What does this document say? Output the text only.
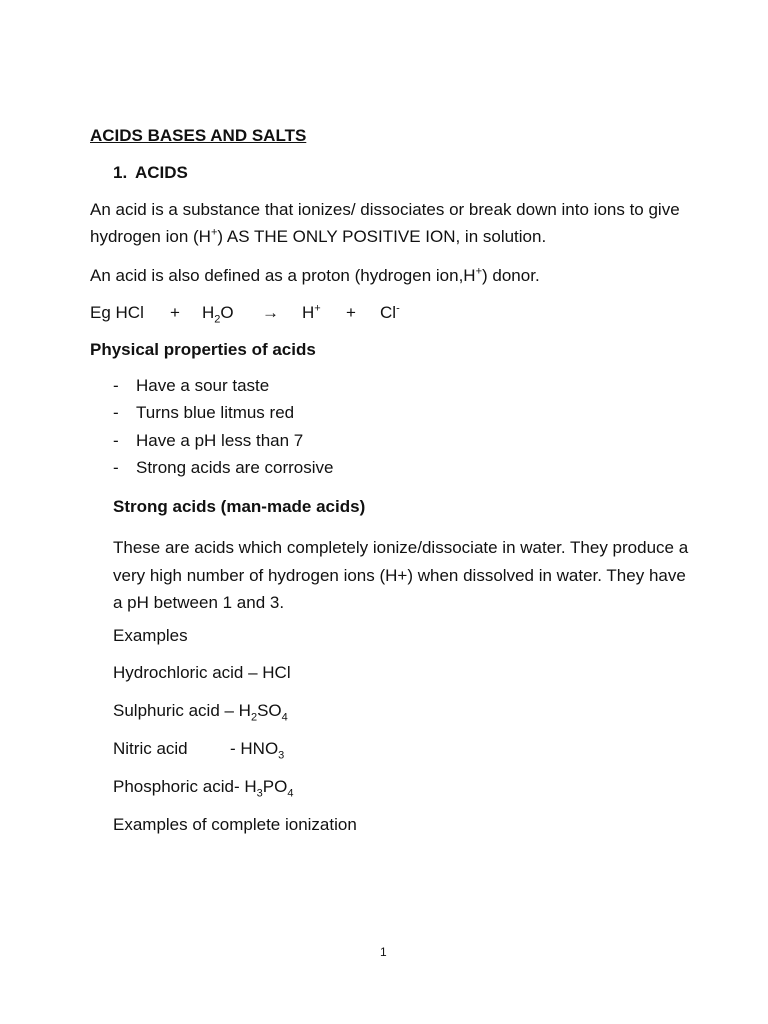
ACIDS BASES AND SALTS
1. ACIDS
An acid is a substance that ionizes/ dissociates or break down into ions to give hydrogen ion (H+) AS THE ONLY POSITIVE ION, in solution.
An acid is also defined as a proton (hydrogen ion,H+) donor.
Eg HCl + $H_2O \to H^+ + Cl^-$
Physical properties of acids
- Have a sour taste
- Turns blue litmus red
- Have a pH less than 7
- Strong acids are corrosive
Strong acids (man-made acids)
These are acids which completely ionize/dissociate in water. They produce a very high number of hydrogen ions (H+) when dissolved in water. They have a pH between 1 and 3.
Examples
Hydrochloric acid – HCl
Sulphuric acid – $H_2SO_4$
Nitric acid - $HNO_3$
Phosphoric acid- $H_3PO_4$
Examples of complete ionization
1
